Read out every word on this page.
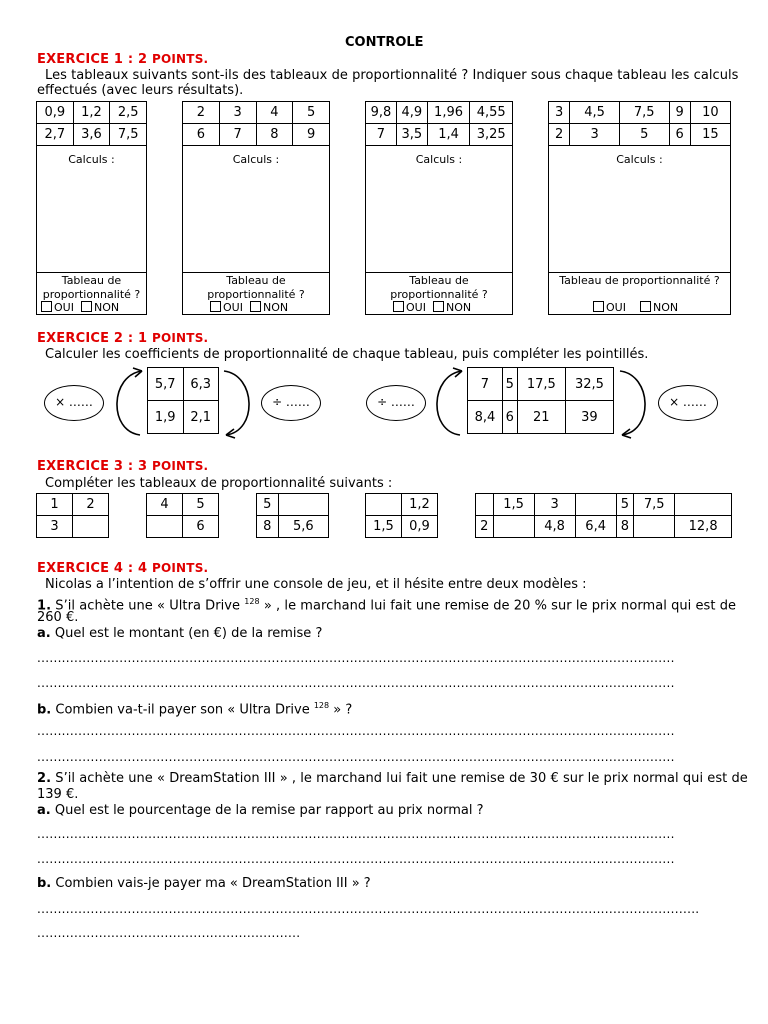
CONTROLE
EXERCICE 1 : 2 POINTS.
Les tableaux suivants sont-ils des tableaux de proportionnalité ? Indiquer sous chaque tableau les calculs
effectués (avec leurs résultats).
Calculs :
Tableau de
proportionnalité ?
OUI NON
0,9	1,2	2,5
2,7	3,6	7,5
Calculs :
Tableau de
proportionnalité ?
OUI NON
2	3	4	5
6	7	8	9
Calculs :
Tableau de
proportionnalité ?
OUI NON
9,8	4,9	1,96	4,55
7	3,5	1,4	3,25
Calculs :
Tableau de proportionnalité ?
OUI NON
3	4,5	7,5	9	10
2	3	5	6	15
EXERCICE 2 : 1 POINTS.
Calculer les coefficients de proportionnalité de chaque tableau, puis compléter les pointillés.
× ……	÷ ……
5,7	6,3
1,9	2,1
÷ ……
7	5	17,5	32,5
8,4	6	21	39
× ……
EXERCICE 3 : 3 POINTS.
Compléter les tableaux de proportionnalité suivants :
1	2
3	
4	5
	6
5	
8	5,6
	1,2
1,5	0,9
	1,5	3		5	7,5	
2		4,8	6,4	8		12,8
EXERCICE 4 : 4 POINTS.
Nicolas a l’intention de s’offrir une console de jeu, et il hésite entre deux modèles :
1. S’il achète une « Ultra Drive $^{128}$ » , le marchand lui fait une remise de 20 % sur le prix normal qui est de
260 €.
a. Quel est le montant (en €) de la remise ?
...........................................................................................................................................................
...........................................................................................................................................................
b. Combien va-t-il payer son « Ultra Drive $^{128}$ » ?
...........................................................................................................................................................
...........................................................................................................................................................
2. S’il achète une « DreamStation III » , le marchand lui fait une remise de 30 € sur le prix normal qui est de
139 €.
a. Quel est le pourcentage de la remise par rapport au prix normal ?
...........................................................................................................................................................
...........................................................................................................................................................
b. Combien vais-je payer ma « DreamStation III » ?
.................................................................................................................................................................
................................................................
